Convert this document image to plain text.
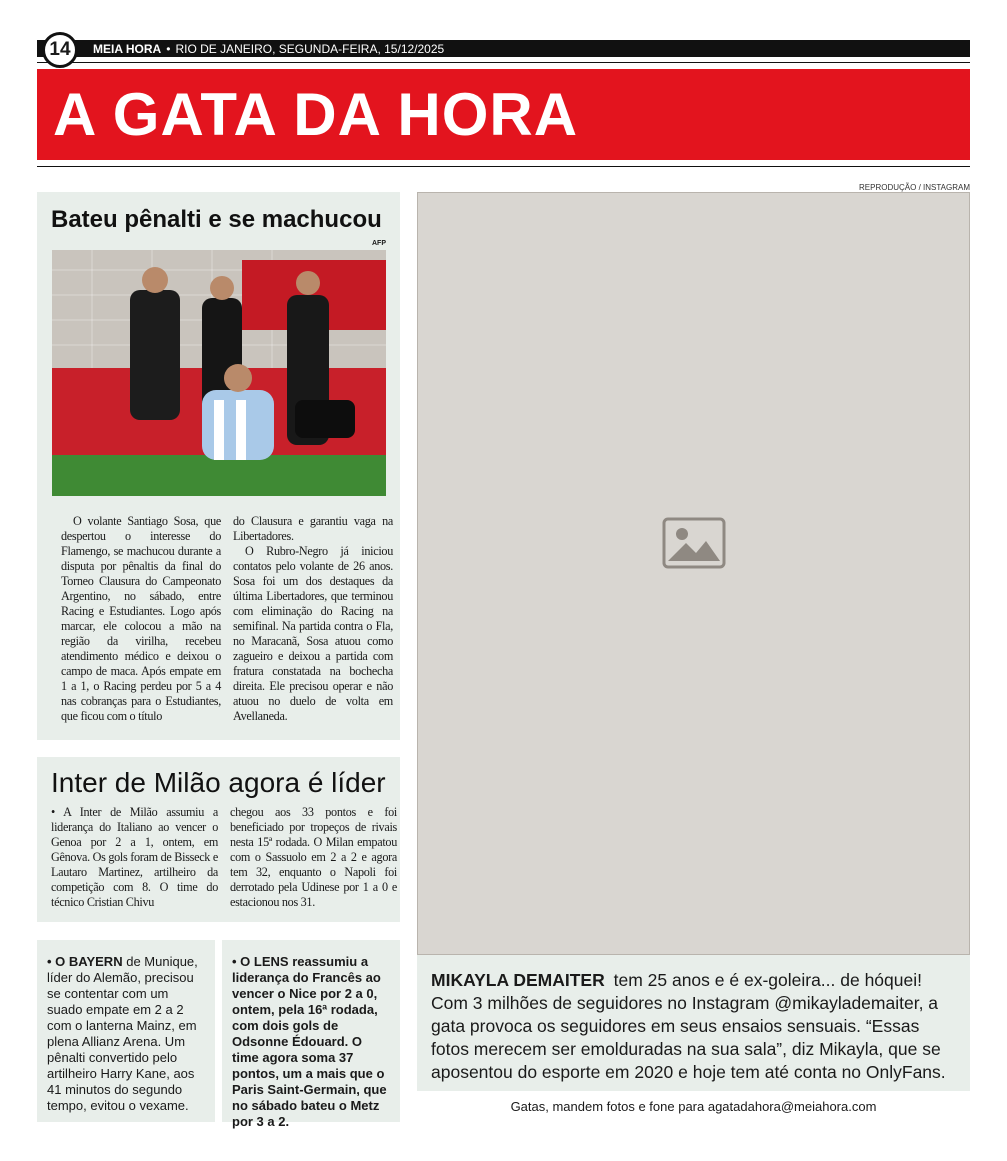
14	MEIA HORA • RIO DE JANEIRO, SEGUNDA-FEIRA, 15/12/2025
A GATA DA HORA
REPRODUÇÃO / INSTAGRAM
Bateu pênalti e se machucou
AFP

O volante Santiago Sosa, que despertou o interesse do Flamengo, se machucou durante a disputa por pênaltis da final do Torneo Clausura do Campeonato Argentino, no sábado, entre Racing e Estudiantes. Logo após marcar, ele colocou a mão na região da virilha, recebeu atendimento médico e deixou o campo de maca. Após empate em 1 a 1, o Racing perdeu por 5 a 4 nas cobranças para o Estudiantes, que ficou com o título

do Clausura e garantiu vaga na Libertadores.

O Rubro-Negro já iniciou contatos pelo volante de 26 anos. Sosa foi um dos destaques da última Libertadores, que terminou com eliminação do Racing na semifinal. Na partida contra o Fla, no Maracanã, Sosa atuou como zagueiro e deixou a partida com fratura constatada na bochecha direita. Ele precisou operar e não atuou no duelo de volta em Avellaneda.

Inter de Milão agora é líder

• A Inter de Milão assumiu a liderança do Italiano ao vencer o Genoa por 2 a 1, ontem, em Gênova. Os gols foram de Bisseck e Lautaro Martinez, artilheiro da competição com 8. O time do técnico Cristian Chivu

chegou aos 33 pontos e foi beneficiado por tropeços de rivais nesta 15ª rodada. O Milan empatou com o Sassuolo em 2 a 2 e agora tem 32, enquanto o Napoli foi derrotado pela Udinese por 1 a 0 e estacionou nos 31.

• O BAYERN de Munique, líder do Alemão, precisou se contentar com um suado empate em 2 a 2 com o lanterna Mainz, em plena Allianz Arena. Um pênalti convertido pelo artilheiro Harry Kane, aos 41 minutos do segundo tempo, evitou o vexame.
• O LENS reassumiu a liderança do Francês ao vencer o Nice por 2 a 0, ontem, pela 16ª rodada, com dois gols de Odsonne Édouard. O time agora soma 37 pontos, um a mais que o Paris Saint-Germain, que no sábado bateu o Metz por 3 a 2.
MIKAYLA DEMAITER tem 25 anos e é ex-goleira... de hóquei! Com 3 milhões de seguidores no Instagram @mikaylademaiter, a gata provoca os seguidores em seus ensaios sensuais. “Essas fotos merecem ser emolduradas na sua sala”, diz Mikayla, que se aposentou do esporte em 2020 e hoje tem até conta no OnlyFans.
Gatas, mandem fotos e fone para agatadahora@meiahora.com
